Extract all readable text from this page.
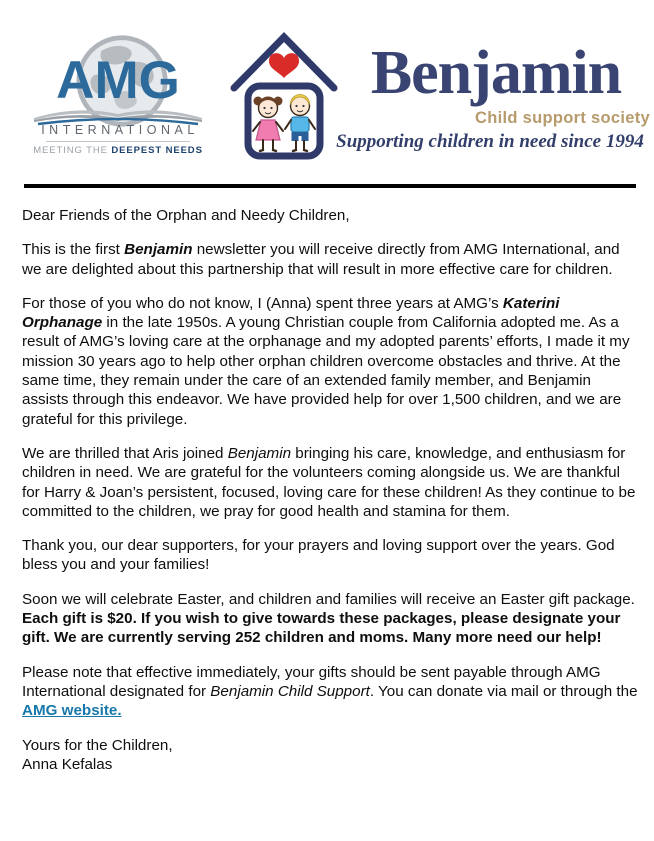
AMG
INTERNATIONAL
MEETING THE DEEPEST NEEDS
Benjamin
Child support society
Supporting children in need since 1994

Dear Friends of the Orphan and Needy Children,

This is the first Benjamin newsletter you will receive directly from AMG International, and we are delighted about this partnership that will result in more effective care for children.

For those of you who do not know, I (Anna) spent three years at AMG’s Katerini Orphanage in the late 1950s. A young Christian couple from California adopted me. As a result of AMG’s loving care at the orphanage and my adopted parents’ efforts, I made it my mission 30 years ago to help other orphan children overcome obstacles and thrive. At the same time, they remain under the care of an extended family member, and Benjamin assists through this endeavor. We have provided help for over 1,500 children, and we are grateful for this privilege.

We are thrilled that Aris joined Benjamin bringing his care, knowledge, and enthusiasm for children in need. We are grateful for the volunteers coming alongside us. We are thankful for Harry & Joan’s persistent, focused, loving care for these children! As they continue to be committed to the children, we pray for good health and stamina for them.

Thank you, our dear supporters, for your prayers and loving support over the years. God bless you and your families!

Soon we will celebrate Easter, and children and families will receive an Easter gift package. Each gift is $20. If you wish to give towards these packages, please designate your gift. We are currently serving 252 children and moms. Many more need our help!

Please note that effective immediately, your gifts should be sent payable through AMG International designated for Benjamin Child Support. You can donate via mail or through the AMG website.

Yours for the Children,
Anna Kefalas
